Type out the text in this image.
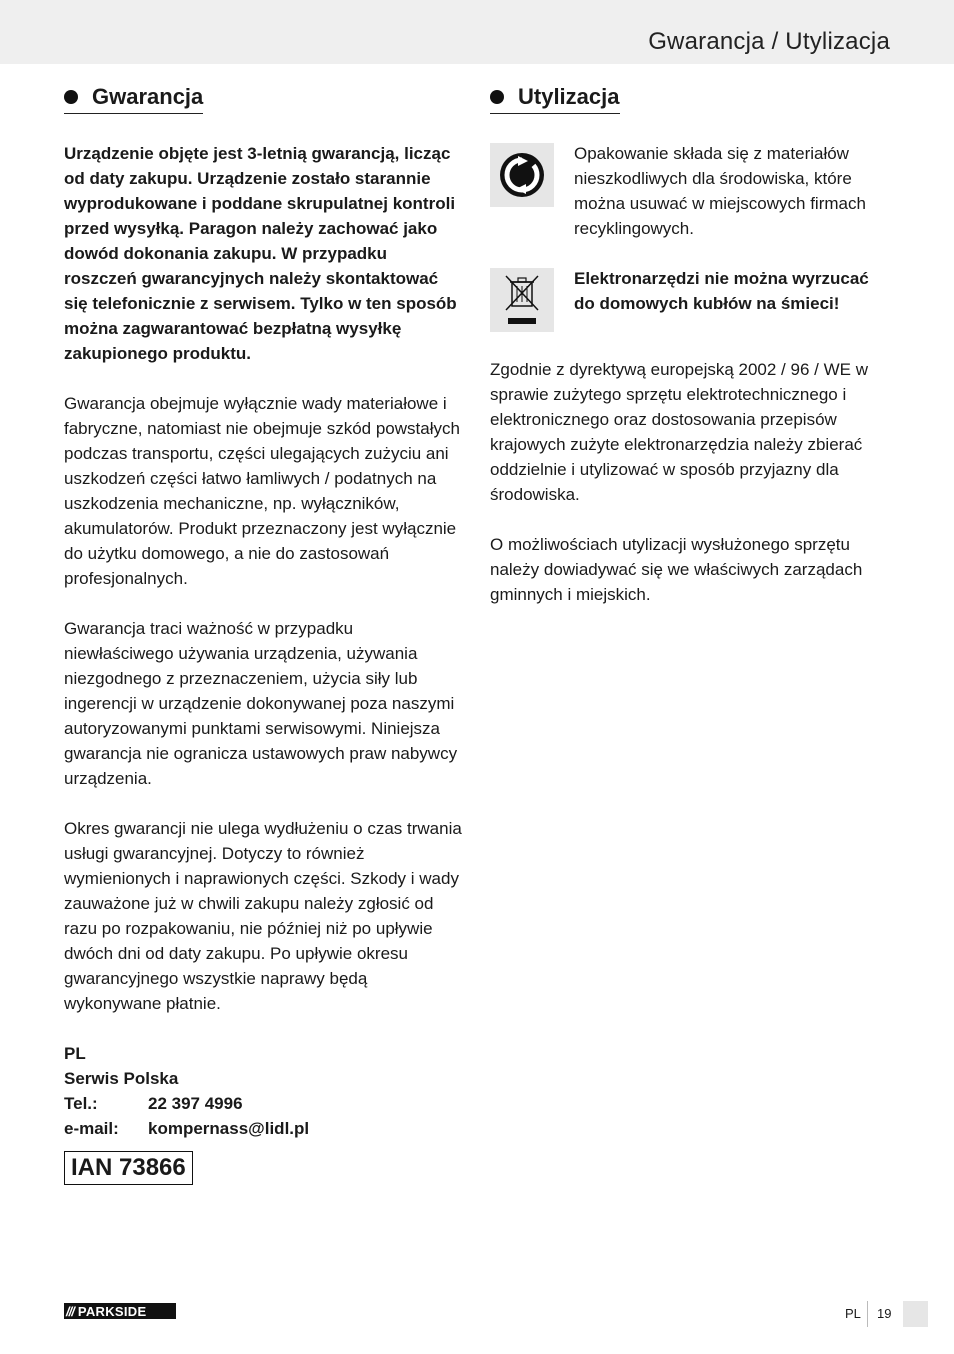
Gwarancja / Utylizacja
Gwarancja

Urządzenie objęte jest 3-letnią gwarancją, licząc od daty zakupu. Urządzenie zostało starannie wyprodukowane i poddane skrupulatnej kontroli przed wysyłką. Paragon należy zachować jako dowód dokonania zakupu. W przypadku roszczeń gwarancyjnych należy skontaktować się telefonicznie z serwisem. Tylko w ten sposób można zagwarantować bezpłatną wysyłkę zakupionego produktu.

Gwarancja obejmuje wyłącznie wady materiałowe i fabryczne, natomiast nie obejmuje szkód powstałych podczas transportu, części ulegających zużyciu ani uszkodzeń części łatwo łamliwych / podatnych na uszkodzenia mechaniczne, np. wyłączników, akumulatorów. Produkt przeznaczony jest wyłącznie do użytku domowego, a nie do zastosowań profesjonalnych.

Gwarancja traci ważność w przypadku niewłaściwego używania urządzenia, używania niezgodnego z przeznaczeniem, użycia siły lub ingerencji w urządzenie dokonywanej poza naszymi autoryzowanymi punktami serwisowymi. Niniejsza gwarancja nie ogranicza ustawowych praw nabywcy urządzenia.

Okres gwarancji nie ulega wydłużeniu o czas trwania usługi gwarancyjnej. Dotyczy to również wymienionych i naprawionych części. Szkody i wady zauważone już w chwili zakupu należy zgłosić od razu po rozpakowaniu, nie później niż po upływie dwóch dni od daty zakupu. Po upływie okresu gwarancyjnego wszystkie naprawy będą wykonywane płatnie.

PL
Serwis Polska
Tel.:	22 397 4996
e-mail:	kompernass@lidl.pl
IAN 73866
Utylizacja

Opakowanie składa się z materiałów nieszkodliwych dla środowiska, które można usuwać w miejscowych firmach recyklingowych.

Elektronarzędzi nie można wyrzucać do domowych kubłów na śmieci!

Zgodnie z dyrektywą europejską 2002 / 96 / WE w sprawie zużytego sprzętu elektrotechnicznego i elektronicznego oraz dostosowania przepisów krajowych zużyte elektronarzędzia należy zbierać oddzielnie i utylizować w sposób przyjazny dla środowiska.

O możliwościach utylizacji wysłużonego sprzętu należy dowiadywać się we właściwych zarządach gminnych i miejskich.

/// PARKSIDE	PL 19
